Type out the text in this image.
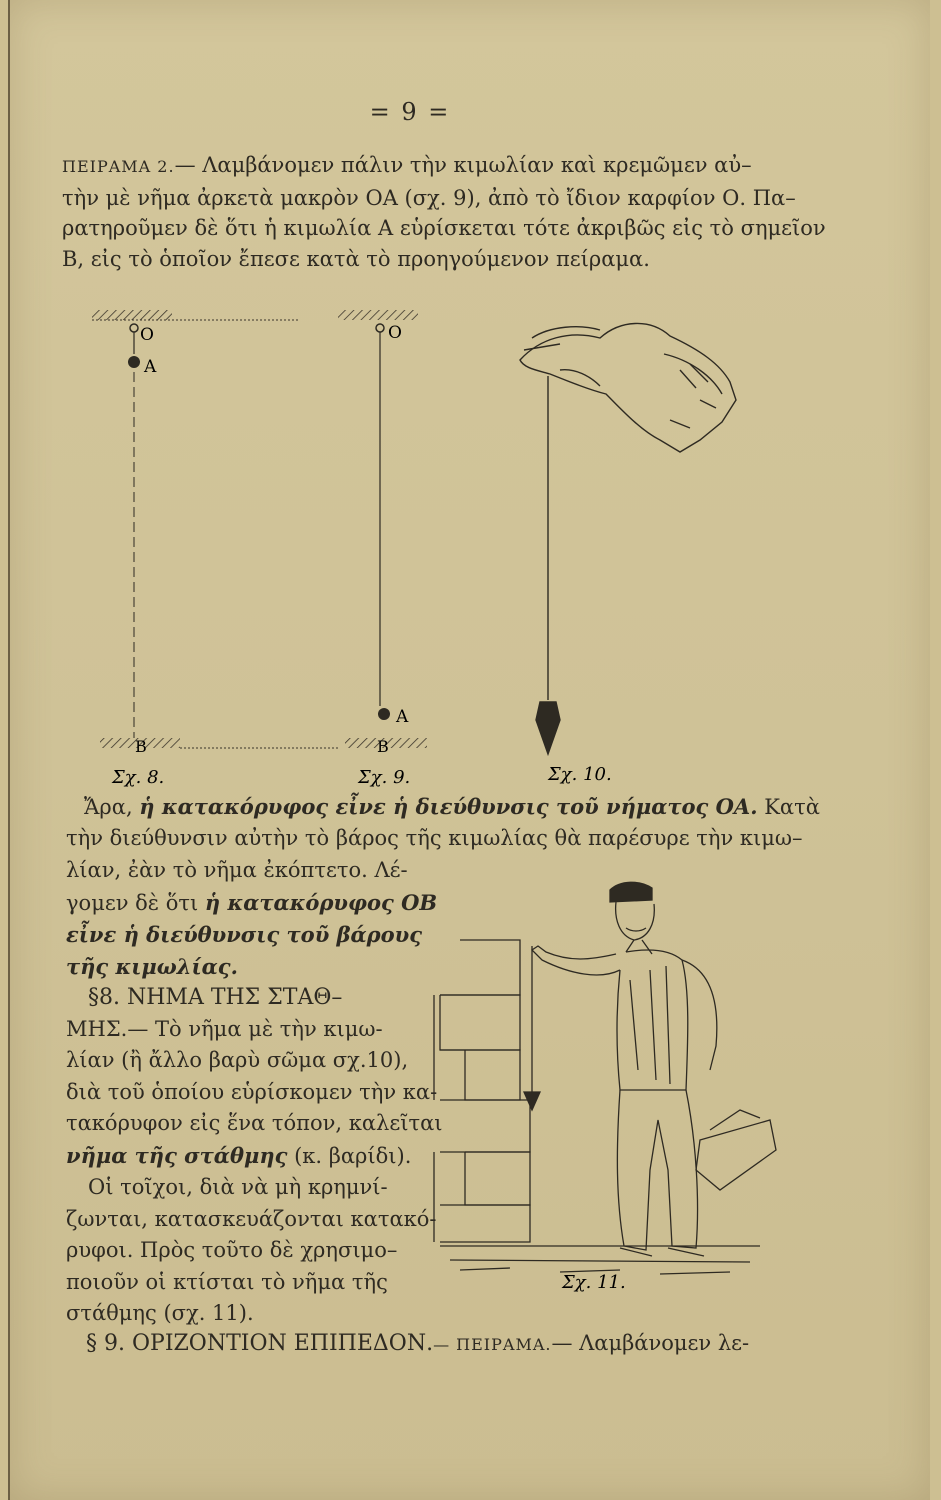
= 9 =
ΠΕΙΡΑΜΑ 2.— Λαμβάνομεν πάλιν τὴν κιμωλίαν καὶ κρεμῶμεν αὐ–
τὴν μὲ νῆμα ἀρκετὰ μακρὸν ΟΑ (σχ. 9), ἀπὸ τὸ ἴδιον καρφίον Ο. Πα–
ρατηροῦμεν δὲ ὅτι ἡ κιμωλία Α εὑρίσκεται τότε ἀκριβῶς εἰς τὸ σημεῖον
Β, εἰς τὸ ὁποῖον ἔπεσε κατὰ τὸ προηγούμενον πείραμα.
Ο
Α
Β
Ο
Α
Β
Σχ. 8.	Σχ. 9.	Σχ. 10.
Ἄρα, ἡ κατακόρυφος εἶνε ἡ διεύθυνσις τοῦ νήματος ΟΑ. Κατὰ
τὴν διεύθυνσιν αὐτὴν τὸ βάρος τῆς κιμωλίας θὰ παρέσυρε τὴν κιμω–
λίαν, ἐὰν τὸ νῆμα ἐκόπτετο. Λέ-
γομεν δὲ ὅτι ἡ κατακόρυφος ΟΒ
εἶνε ἡ διεύθυνσις τοῦ βάρους
τῆς κιμωλίας.
§8. ΝΗΜΑ ΤΗΣ ΣΤΑΘ–
ΜΗΣ.— Τὸ νῆμα μὲ τὴν κιμω-
λίαν (ἢ ἄλλο βαρὺ σῶμα σχ.10),
διὰ τοῦ ὁποίου εὑρίσκομεν τὴν κα-
τακόρυφον εἰς ἕνα τόπον, καλεῖται
νῆμα τῆς στάθμης (κ. βαρίδι).
Οἱ τοῖχοι, διὰ νὰ μὴ κρημνί-
ζωνται, κατασκευάζονται κατακό-
ρυφοι. Πρὸς τοῦτο δὲ χρησιμο–
ποιοῦν οἱ κτίσται τὸ νῆμα τῆς
στάθμης (σχ. 11).
Σχ. 11.
§ 9. ΟΡΙΖΟΝΤΙΟΝ ΕΠΙΠΕΔΟΝ.— ΠΕΙΡΑΜΑ.— Λαμβάνομεν λε-
